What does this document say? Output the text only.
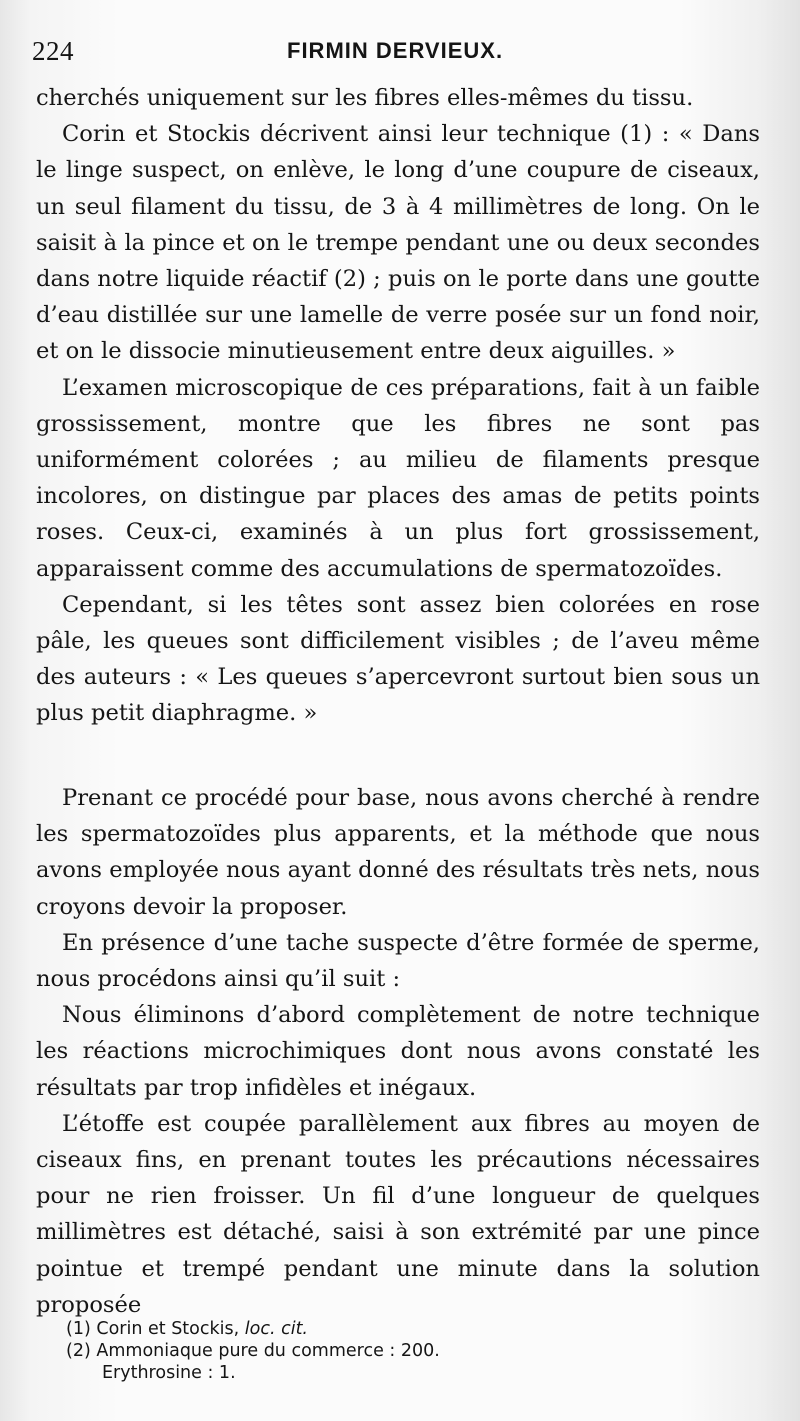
224	FIRMIN DERVIEUX.

cherchés uniquement sur les fibres elles-mêmes du tissu.

Corin et Stockis décrivent ainsi leur technique (1) : « Dans le linge suspect, on enlève, le long d’une coupure de ciseaux, un seul filament du tissu, de 3 à 4 millimètres de long. On le saisit à la pince et on le trempe pendant une ou deux secondes dans notre liquide réactif (2) ; puis on le porte dans une goutte d’eau distillée sur une lamelle de verre posée sur un fond noir, et on le dissocie minutieusement entre deux aiguilles. »

L’examen microscopique de ces préparations, fait à un faible grossissement, montre que les fibres ne sont pas uniformément colorées ; au milieu de filaments presque incolores, on distingue par places des amas de petits points roses. Ceux-ci, examinés à un plus fort grossissement, apparaissent comme des accumulations de spermatozoïdes.

Cependant, si les têtes sont assez bien colorées en rose pâle, les queues sont difficilement visibles ; de l’aveu même des auteurs : « Les queues s’apercevront surtout bien sous un plus petit diaphragme. »

Prenant ce procédé pour base, nous avons cherché à rendre les spermatozoïdes plus apparents, et la méthode que nous avons employée nous ayant donné des résultats très nets, nous croyons devoir la proposer.

En présence d’une tache suspecte d’être formée de sperme, nous procédons ainsi qu’il suit :

Nous éliminons d’abord complètement de notre technique les réactions microchimiques dont nous avons constaté les résultats par trop infidèles et inégaux.

L’étoffe est coupée parallèlement aux fibres au moyen de ciseaux fins, en prenant toutes les précautions nécessaires pour ne rien froisser. Un fil d’une longueur de quelques millimètres est détaché, saisi à son extrémité par une pince pointue et trempé pendant une minute dans la solution proposée

(1) Corin et Stockis, loc. cit.

(2) Ammoniaque pure du commerce : 200.

Erythrosine : 1.
